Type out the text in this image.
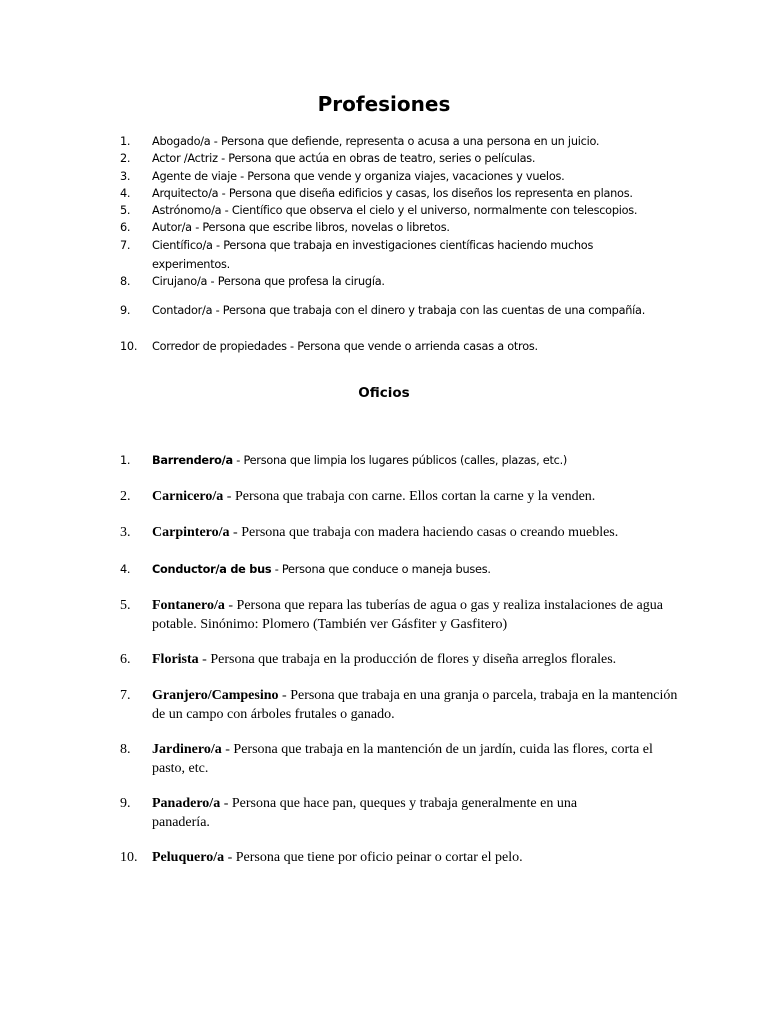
Profesiones
1. Abogado/a - Persona que defiende, representa o acusa a una persona en un juicio.
2. Actor /Actriz - Persona que actúa en obras de teatro, series o películas.
3. Agente de viaje - Persona que vende y organiza viajes, vacaciones y vuelos.
4. Arquitecto/a - Persona que diseña edificios y casas, los diseños los representa en planos.
5. Astrónomo/a - Científico que observa el cielo y el universo, normalmente con telescopios.
6. Autor/a - Persona que escribe libros, novelas o libretos.
7. Científico/a - Persona que trabaja en investigaciones científicas haciendo muchos experimentos.
8. Cirujano/a - Persona que profesa la cirugía.
9. Contador/a - Persona que trabaja con el dinero y trabaja con las cuentas de una compañía.
10. Corredor de propiedades - Persona que vende o arrienda casas a otros.
Oficios
1. Barrendero/a - Persona que limpia los lugares públicos (calles, plazas, etc.)
2. Carnicero/a - Persona que trabaja con carne. Ellos cortan la carne y la venden.
3. Carpintero/a - Persona que trabaja con madera haciendo casas o creando muebles.
4. Conductor/a de bus - Persona que conduce o maneja buses.
5. Fontanero/a - Persona que repara las tuberías de agua o gas y realiza instalaciones de agua potable. Sinónimo: Plomero (También ver Gásfiter y Gasfitero)
6. Florista - Persona que trabaja en la producción de flores y diseña arreglos florales.
7. Granjero/Campesino - Persona que trabaja en una granja o parcela, trabaja en la mantención de un campo con árboles frutales o ganado.
8. Jardinero/a - Persona que trabaja en la mantención de un jardín, cuida las flores, corta el pasto, etc.
9. Panadero/a - Persona que hace pan, queques y trabaja generalmente en una panadería.
10. Peluquero/a - Persona que tiene por oficio peinar o cortar el pelo.
